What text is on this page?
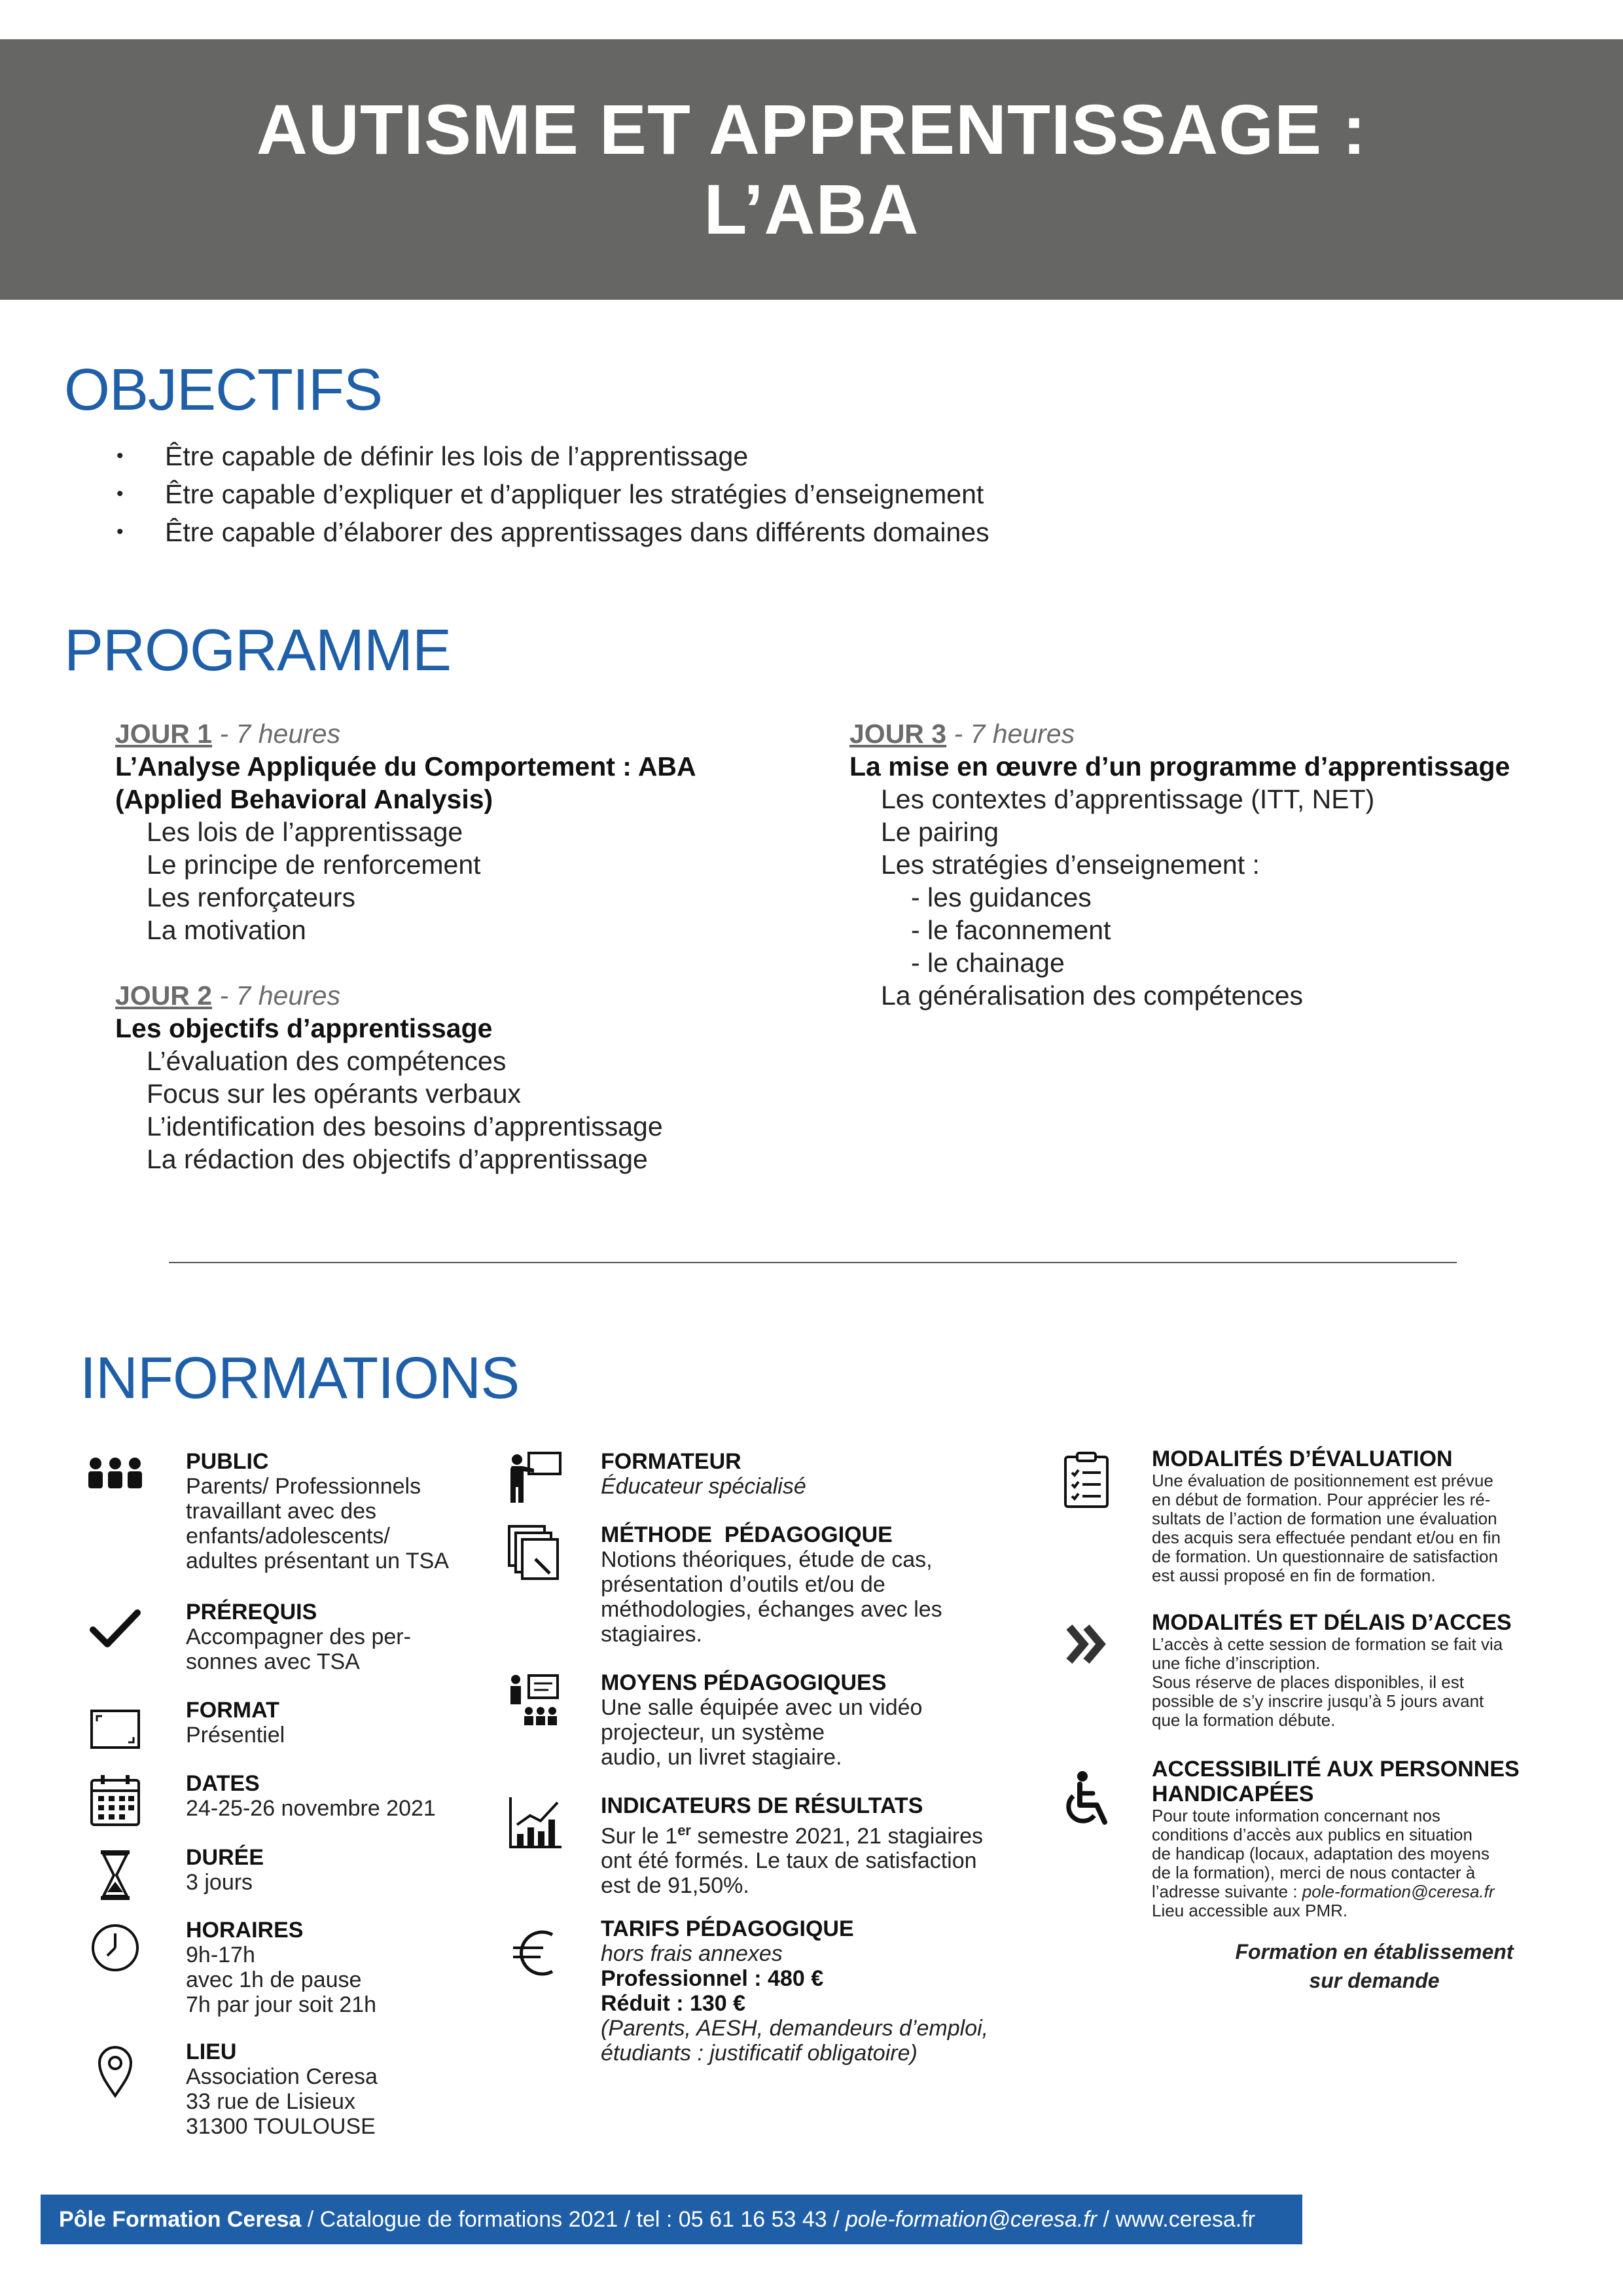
AUTISME ET APPRENTISSAGE :
L’ABA
OBJECTIFS
• Être capable de définir les lois de l’apprentissage
• Être capable d’expliquer et d’appliquer les stratégies d’enseignement
• Être capable d’élaborer des apprentissages dans différents domaines
PROGRAMME
JOUR 1 - 7 heures
L’Analyse Appliquée du Comportement : ABA
(Applied Behavioral Analysis)
Les lois de l’apprentissage
Le principe de renforcement
Les renforçateurs
La motivation
JOUR 2 - 7 heures
Les objectifs d’apprentissage
L’évaluation des compétences
Focus sur les opérants verbaux
L’identification des besoins d’apprentissage
La rédaction des objectifs d’apprentissage
JOUR 3 - 7 heures
La mise en œuvre d’un programme d’apprentissage
Les contextes d’apprentissage (ITT, NET)
Le pairing
Les stratégies d’enseignement :
- les guidances
- le faconnement
- le chainage
La généralisation des compétences
INFORMATIONS
PUBLIC
Parents/ Professionnels
travaillant avec des
enfants/adolescents/
adultes présentant un TSA
PRÉREQUIS
Accompagner des per-
sonnes avec TSA
FORMAT
Présentiel
DATES
24-25-26 novembre 2021
DURÉE
3 jours
HORAIRES
9h-17h
avec 1h de pause
7h par jour soit 21h
LIEU
Association Ceresa
33 rue de Lisieux
31300 TOULOUSE
FORMATEUR
Éducateur spécialisé
MÉTHODE  PÉDAGOGIQUE
Notions théoriques, étude de cas,
présentation d’outils et/ou de
méthodologies, échanges avec les
stagiaires.
MOYENS PÉDAGOGIQUES
Une salle équipée avec un vidéo
projecteur, un système
audio, un livret stagiaire.
INDICATEURS DE RÉSULTATS
Sur le 1er semestre 2021, 21 stagiaires
ont été formés. Le taux de satisfaction
est de 91,50%.
TARIFS PÉDAGOGIQUE
hors frais annexes
Professionnel : 480 €
Réduit : 130 €
(Parents, AESH, demandeurs d’emploi,
étudiants : justificatif obligatoire)
MODALITÉS D’ÉVALUATION
Une évaluation de positionnement est prévue
en début de formation. Pour apprécier les ré-
sultats de l’action de formation une évaluation
des acquis sera effectuée pendant et/ou en fin
de formation. Un questionnaire de satisfaction
est aussi proposé en fin de formation.
MODALITÉS ET DÉLAIS D’ACCES
L’accès à cette session de formation se fait via
une fiche d’inscription.
Sous réserve de places disponibles, il est
possible de s’y inscrire jusqu’à 5 jours avant
que la formation débute.
ACCESSIBILITÉ AUX PERSONNES
HANDICAPÉES
Pour toute information concernant nos
conditions d’accès aux publics en situation
de handicap (locaux, adaptation des moyens
de la formation), merci de nous contacter à
l’adresse suivante : pole-formation@ceresa.fr
Lieu accessible aux PMR.
Formation en établissement
sur demande
Pôle Formation Ceresa / Catalogue de formations 2021 / tel : 05 61 16 53 43 / pole-formation@ceresa.fr / www.ceresa.fr
